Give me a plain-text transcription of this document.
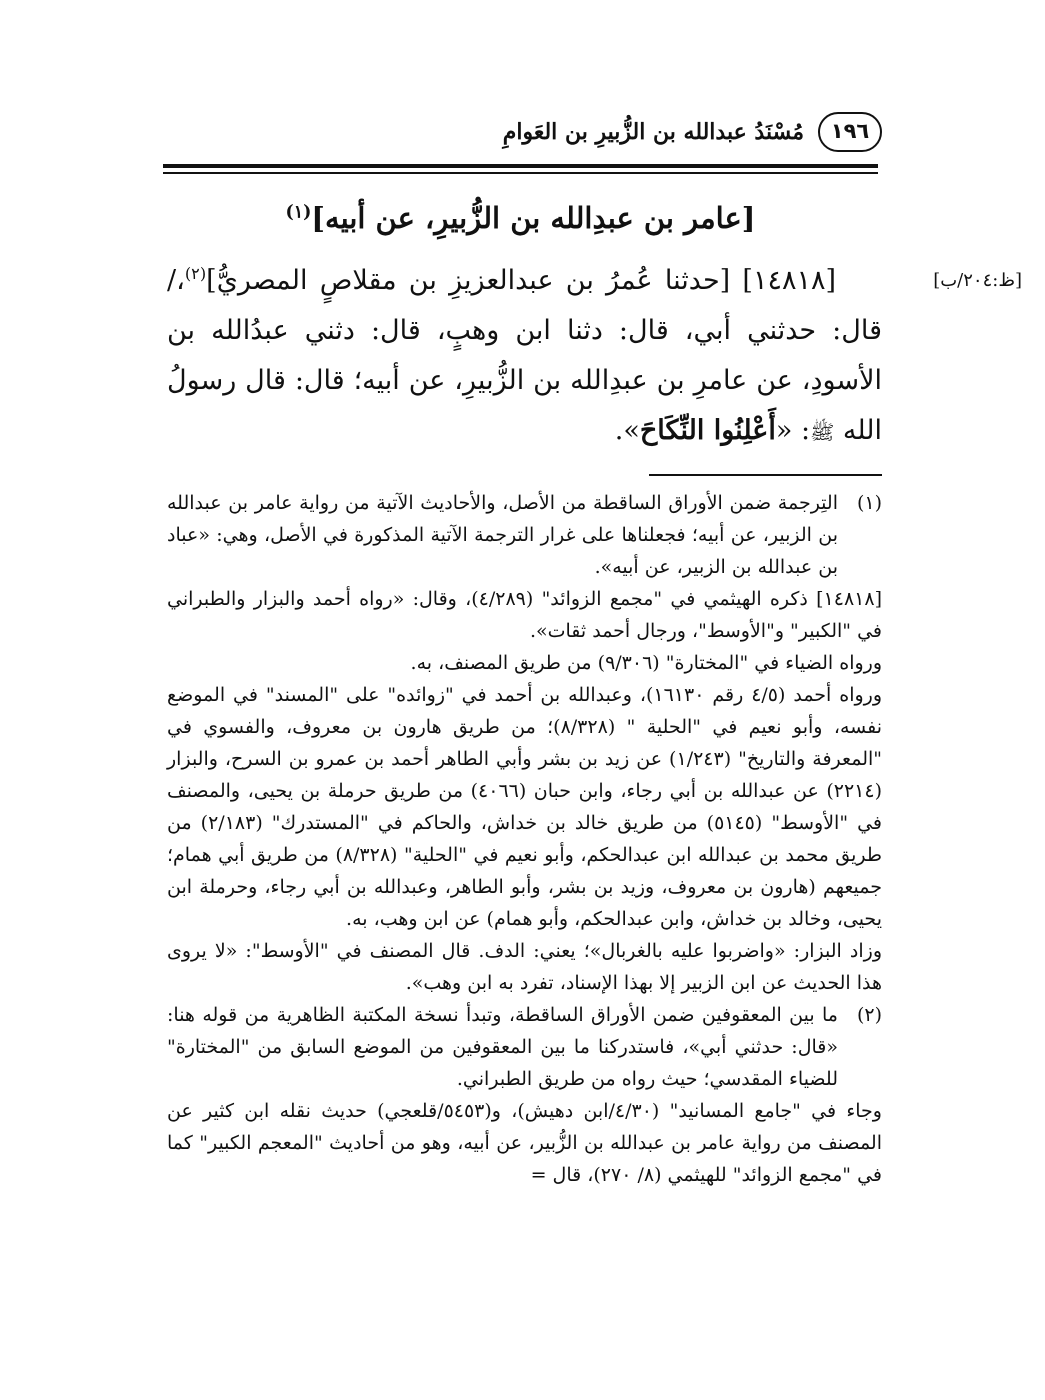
١٩٦
مُسْنَدُ عبدالله بن الزُّبيرِ بن العَوامِ
[عامر بن عبدِالله بن الزُّبيرِ، عن أبيه]$^{(١)}$
[ظ:٢٠٤/ب]
[١٤٨١٨] [حدثنا عُمرُ بن عبدالعزيزِ بن مقلاصٍ المصريُّ]$^{(٢)}$،/ قال: حدثني أبي، قال: دثنا ابن وهبٍ، قال: دثني عبدُالله بن الأسودِ، عن عامرِ بن عبدِالله بن الزُّبيرِ، عن أبيه؛ قال: قال رسولُ الله ﷺ: «أَعْلِنُوا النِّكَاحَ».
(١)
التِرجمة ضمن الأوراق الساقطة من الأصل، والأحاديث الآتية من رواية عامر بن عبدالله بن الزبير، عن أبيه؛ فجعلناها على غرار الترجمة الآتية المذكورة في الأصل، وهي: «عباد بن عبدالله بن الزبير، عن أبيه».

[١٤٨١٨] ذكره الهيثمي في "مجمع الزوائد" (٤/٢٨٩)، وقال: «رواه أحمد والبزار والطبراني في "الكبير" و"الأوسط"، ورجال أحمد ثقات».

ورواه الضياء في "المختارة" (٩/٣٠٦) من طريق المصنف، به.

ورواه أحمد (٤/٥ رقم ١٦١٣٠)، وعبدالله بن أحمد في "زوائده" على "المسند" في الموضع نفسه، وأبو نعيم في "الحلية " (٨/٣٢٨)؛ من طريق هارون بن معروف، والفسوي في "المعرفة والتاريخ" (١/٢٤٣) عن زيد بن بشر وأبي الطاهر أحمد بن عمرو بن السرح، والبزار (٢٢١٤) عن عبدالله بن أبي رجاء، وابن حبان (٤٠٦٦) من طريق حرملة بن يحيى، والمصنف في "الأوسط" (٥١٤٥) من طريق خالد بن خداش، والحاكم في "المستدرك" (٢/١٨٣) من طريق محمد بن عبدالله ابن عبدالحكم، وأبو نعيم في "الحلية" (٨/٣٢٨) من طريق أبي همام؛ جميعهم (هارون بن معروف، وزيد بن بشر، وأبو الطاهر، وعبدالله بن أبي رجاء، وحرملة ابن يحيى، وخالد بن خداش، وابن عبدالحكم، وأبو همام) عن ابن وهب، به.

وزاد البزار: «واضربوا عليه بالغربال»؛ يعني: الدف. قال المصنف في "الأوسط": «لا يروى هذا الحديث عن ابن الزبير إلا بهذا الإسناد، تفرد به ابن وهب».

(٢)

ما بين المعقوفين ضمن الأوراق الساقطة، وتبدأ نسخة المكتبة الظاهرية من قوله هنا: «قال: حدثني أبي»، فاستدركنا ما بين المعقوفين من الموضع السابق من "المختارة" للضياء المقدسي؛ حيث رواه من طريق الطبراني.

وجاء في "جامع المسانيد" (٤/٣٠/ابن دهيش)، و(٥٤٥٣/قلعجي) حديث نقله ابن كثير عن المصنف من رواية عامر بن عبدالله بن الزُّبير، عن أبيه، وهو من أحاديث "المعجم الكبير" كما في "مجمع الزوائد" للهيثمي (٨/ ٢٧٠)، قال =
